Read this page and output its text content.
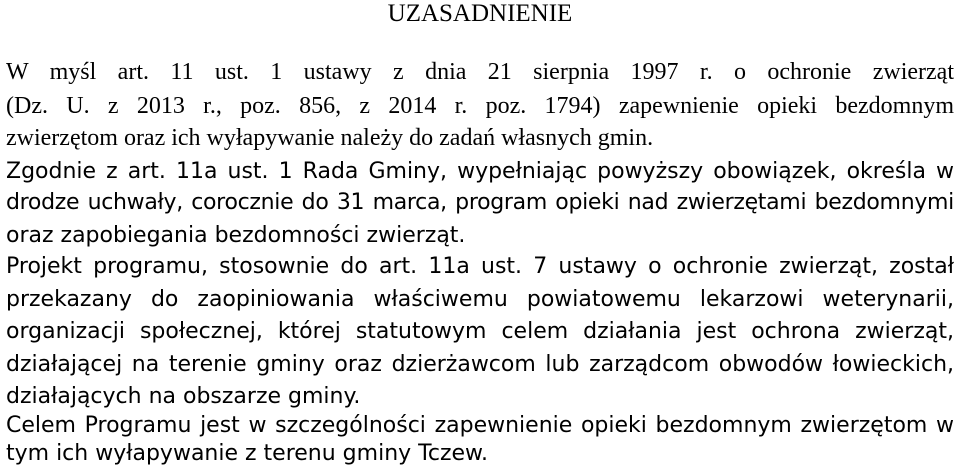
UZASADNIENIE

W myśl art. 11 ust. 1 ustawy z dnia 21 sierpnia 1997 r. o ochronie zwierząt

(Dz. U. z 2013 r., poz. 856, z 2014 r. poz. 1794) zapewnienie opieki bezdomnym

zwierzętom oraz ich wyłapywanie należy do zadań własnych gmin.

Zgodnie z art. 11a ust. 1 Rada Gminy, wypełniając powyższy obowiązek, określa w

drodze uchwały, corocznie do 31 marca, program opieki nad zwierzętami bezdomnymi

oraz zapobiegania bezdomności zwierząt.

Projekt programu, stosownie do art. 11a ust. 7 ustawy o ochronie zwierząt, został

przekazany do zaopiniowania właściwemu powiatowemu lekarzowi weterynarii,

organizacji społecznej, której statutowym celem działania jest ochrona zwierząt,

działającej na terenie gminy oraz dzierżawcom lub zarządcom obwodów łowieckich,

działających na obszarze gminy.

Celem Programu jest w szczególności zapewnienie opieki bezdomnym zwierzętom w

tym ich wyłapywanie z terenu gminy Tczew.
